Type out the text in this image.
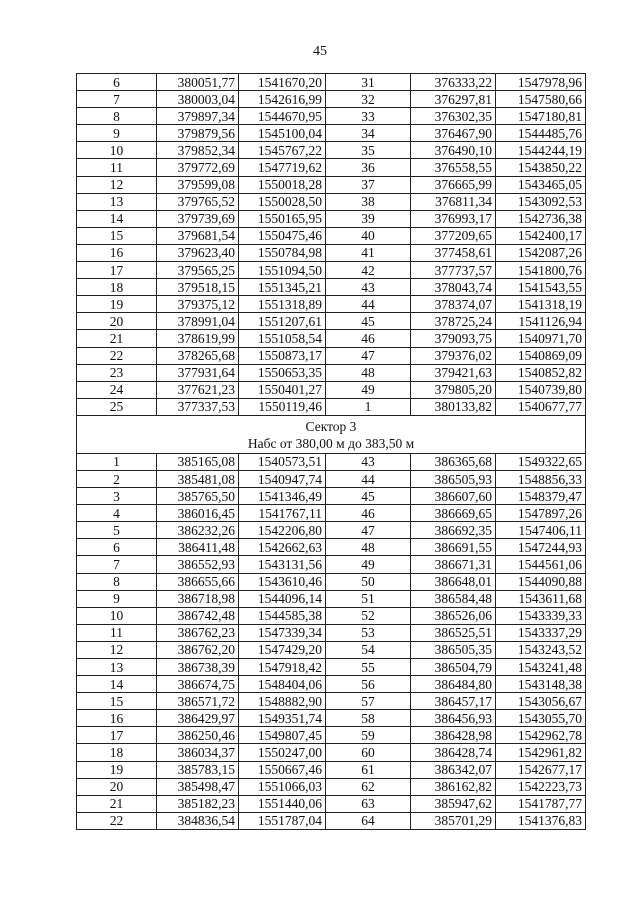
45
6	380051,77	1541670,20	31	376333,22	1547978,96
7	380003,04	1542616,99	32	376297,81	1547580,66
8	379897,34	1544670,95	33	376302,35	1547180,81
9	379879,56	1545100,04	34	376467,90	1544485,76
10	379852,34	1545767,22	35	376490,10	1544244,19
11	379772,69	1547719,62	36	376558,55	1543850,22
12	379599,08	1550018,28	37	376665,99	1543465,05
13	379765,52	1550028,50	38	376811,34	1543092,53
14	379739,69	1550165,95	39	376993,17	1542736,38
15	379681,54	1550475,46	40	377209,65	1542400,17
16	379623,40	1550784,98	41	377458,61	1542087,26
17	379565,25	1551094,50	42	377737,57	1541800,76
18	379518,15	1551345,21	43	378043,74	1541543,55
19	379375,12	1551318,89	44	378374,07	1541318,19
20	378991,04	1551207,61	45	378725,24	1541126,94
21	378619,99	1551058,54	46	379093,75	1540971,70
22	378265,68	1550873,17	47	379376,02	1540869,09
23	377931,64	1550653,35	48	379421,63	1540852,82
24	377621,23	1550401,27	49	379805,20	1540739,80
25	377337,53	1550119,46	1	380133,82	1540677,77

Сектор 3
Набс от 380,00 м до 383,50 м					

1	385165,08	1540573,51	43	386365,68	1549322,65
2	385481,08	1540947,74	44	386505,93	1548856,33
3	385765,50	1541346,49	45	386607,60	1548379,47
4	386016,45	1541767,11	46	386669,65	1547897,26
5	386232,26	1542206,80	47	386692,35	1547406,11
6	386411,48	1542662,63	48	386691,55	1547244,93
7	386552,93	1543131,56	49	386671,31	1544561,06
8	386655,66	1543610,46	50	386648,01	1544090,88
9	386718,98	1544096,14	51	386584,48	1543611,68
10	386742,48	1544585,38	52	386526,06	1543339,33
11	386762,23	1547339,34	53	386525,51	1543337,29
12	386762,20	1547429,20	54	386505,35	1543243,52
13	386738,39	1547918,42	55	386504,79	1543241,48
14	386674,75	1548404,06	56	386484,80	1543148,38
15	386571,72	1548882,90	57	386457,17	1543056,67
16	386429,97	1549351,74	58	386456,93	1543055,70
17	386250,46	1549807,45	59	386428,98	1542962,78
18	386034,37	1550247,00	60	386428,74	1542961,82
19	385783,15	1550667,46	61	386342,07	1542677,17
20	385498,47	1551066,03	62	386162,82	1542223,73
21	385182,23	1551440,06	63	385947,62	1541787,77
22	384836,54	1551787,04	64	385701,29	1541376,83
